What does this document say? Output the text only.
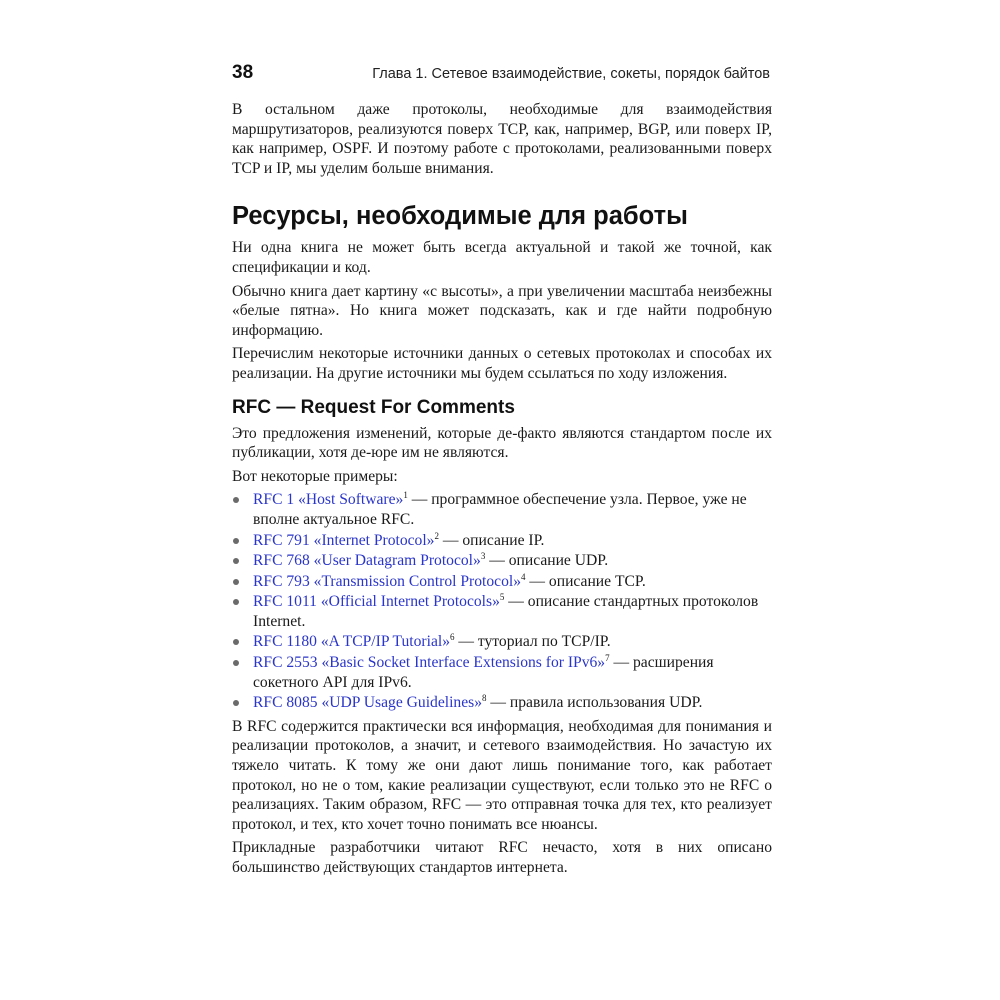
38	Глава 1. Сетевое взаимодействие, сокеты, порядок байтов

В остальном даже протоколы, необходимые для взаимодействия маршрутизаторов, реализуются поверх TCP, как, например, BGP, или поверх IP, как например, OSPF. И поэтому работе с протоколами, реализованными поверх TCP и IP, мы уделим больше внимания.

Ресурсы, необходимые для работы

Ни одна книга не может быть всегда актуальной и такой же точной, как спецификации и код.

Обычно книга дает картину «с высоты», а при увеличении масштаба неизбежны «белые пятна». Но книга может подсказать, как и где найти подробную информацию.

Перечислим некоторые источники данных о сетевых протоколах и способах их реализации. На другие источники мы будем ссылаться по ходу изложения.

RFC — Request For Comments

Это предложения изменений, которые де-факто являются стандартом после их публикации, хотя де-юре им не являются.

Вот некоторые примеры:

RFC 1 «Host Software»$^1$ — программное обеспечение узла. Первое, уже не вполне актуальное RFC.
RFC 791 «Internet Protocol»$^2$ — описание IP.
RFC 768 «User Datagram Protocol»$^3$ — описание UDP.
RFC 793 «Transmission Control Protocol»$^4$ — описание TCP.
RFC 1011 «Official Internet Protocols»$^5$ — описание стандартных протоколов Internet.
RFC 1180 «A TCP/IP Tutorial»$^6$ — туториал по TCP/IP.
RFC 2553 «Basic Socket Interface Extensions for IPv6»$^7$ — расширения сокетного API для IPv6.
RFC 8085 «UDP Usage Guidelines»$^8$ — правила использования UDP.

В RFC содержится практически вся информация, необходимая для понимания и реализации протоколов, а значит, и сетевого взаимодействия. Но зачастую их тяжело читать. К тому же они дают лишь понимание того, как работает протокол, но не о том, какие реализации существуют, если только это не RFC о реализациях. Таким образом, RFC — это отправная точка для тех, кто реализует протокол, и тех, кто хочет точно понимать все нюансы.

Прикладные разработчики читают RFC нечасто, хотя в них описано большинство действующих стандартов интернета.
